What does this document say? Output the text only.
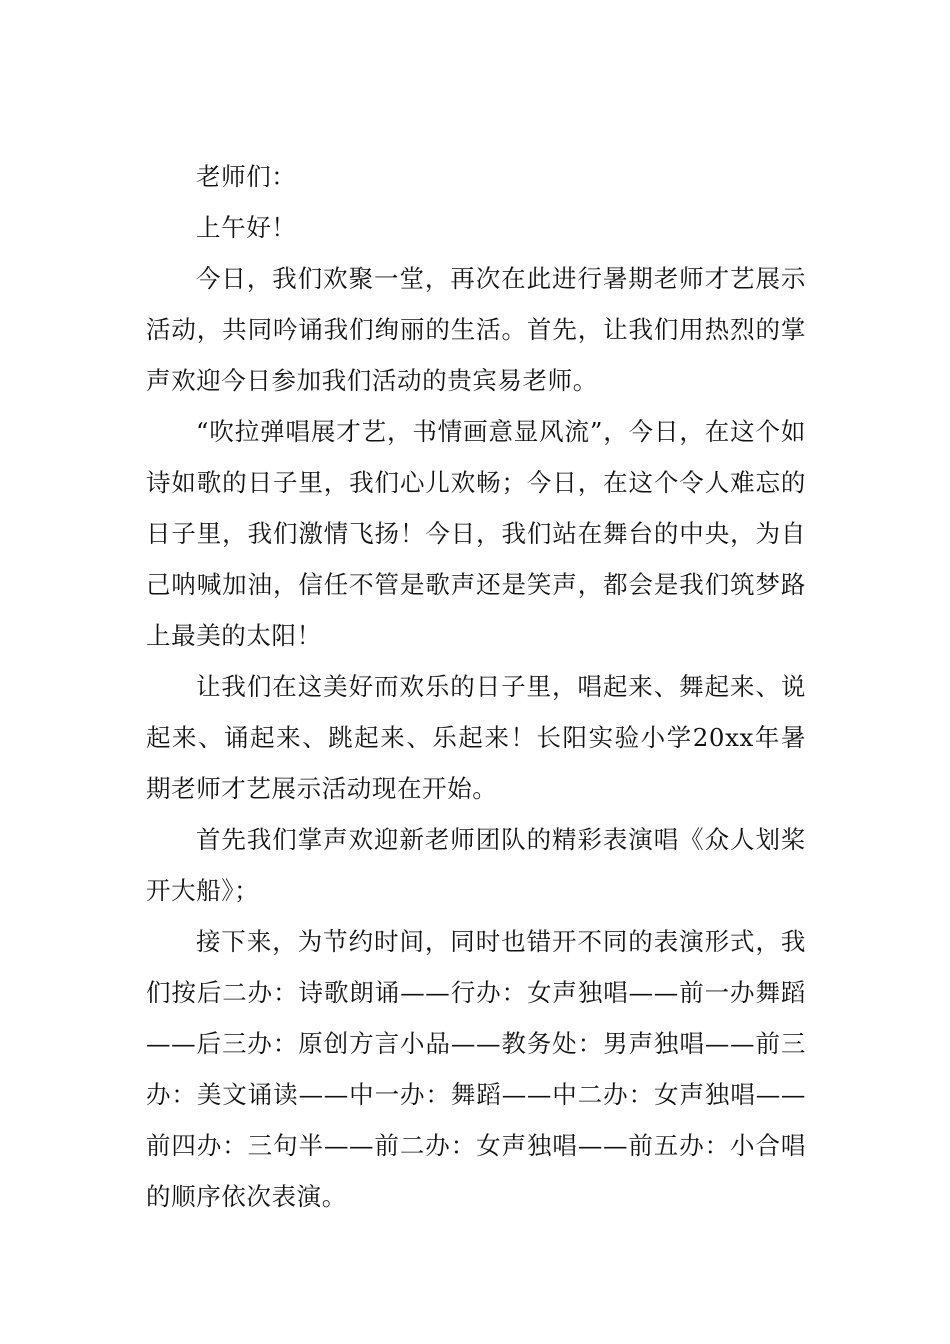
老师们：

上午好！

今日，我们欢聚一堂，再次在此进行暑期老师才艺展示活动，共同吟诵我们绚丽的生活。首先，让我们用热烈的掌声欢迎今日参加我们活动的贵宾易老师。

“吹拉弹唱展才艺，书情画意显风流”，今日，在这个如诗如歌的日子里，我们心儿欢畅；今日，在这个令人难忘的日子里，我们激情飞扬！今日，我们站在舞台的中央，为自己呐喊加油，信任不管是歌声还是笑声，都会是我们筑梦路上最美的太阳！

让我们在这美好而欢乐的日子里，唱起来、舞起来、说起来、诵起来、跳起来、乐起来！长阳实验小学20xx年暑期老师才艺展示活动现在开始。

首先我们掌声欢迎新老师团队的精彩表演唱《众人划桨开大船》；

接下来，为节约时间，同时也错开不同的表演形式，我们按后二办：诗歌朗诵——行办：女声独唱——前一办舞蹈——后三办：原创方言小品——教务处：男声独唱——前三办：美文诵读——中一办：舞蹈——中二办：女声独唱——前四办：三句半——前二办：女声独唱——前五办：小合唱的顺序依次表演。
